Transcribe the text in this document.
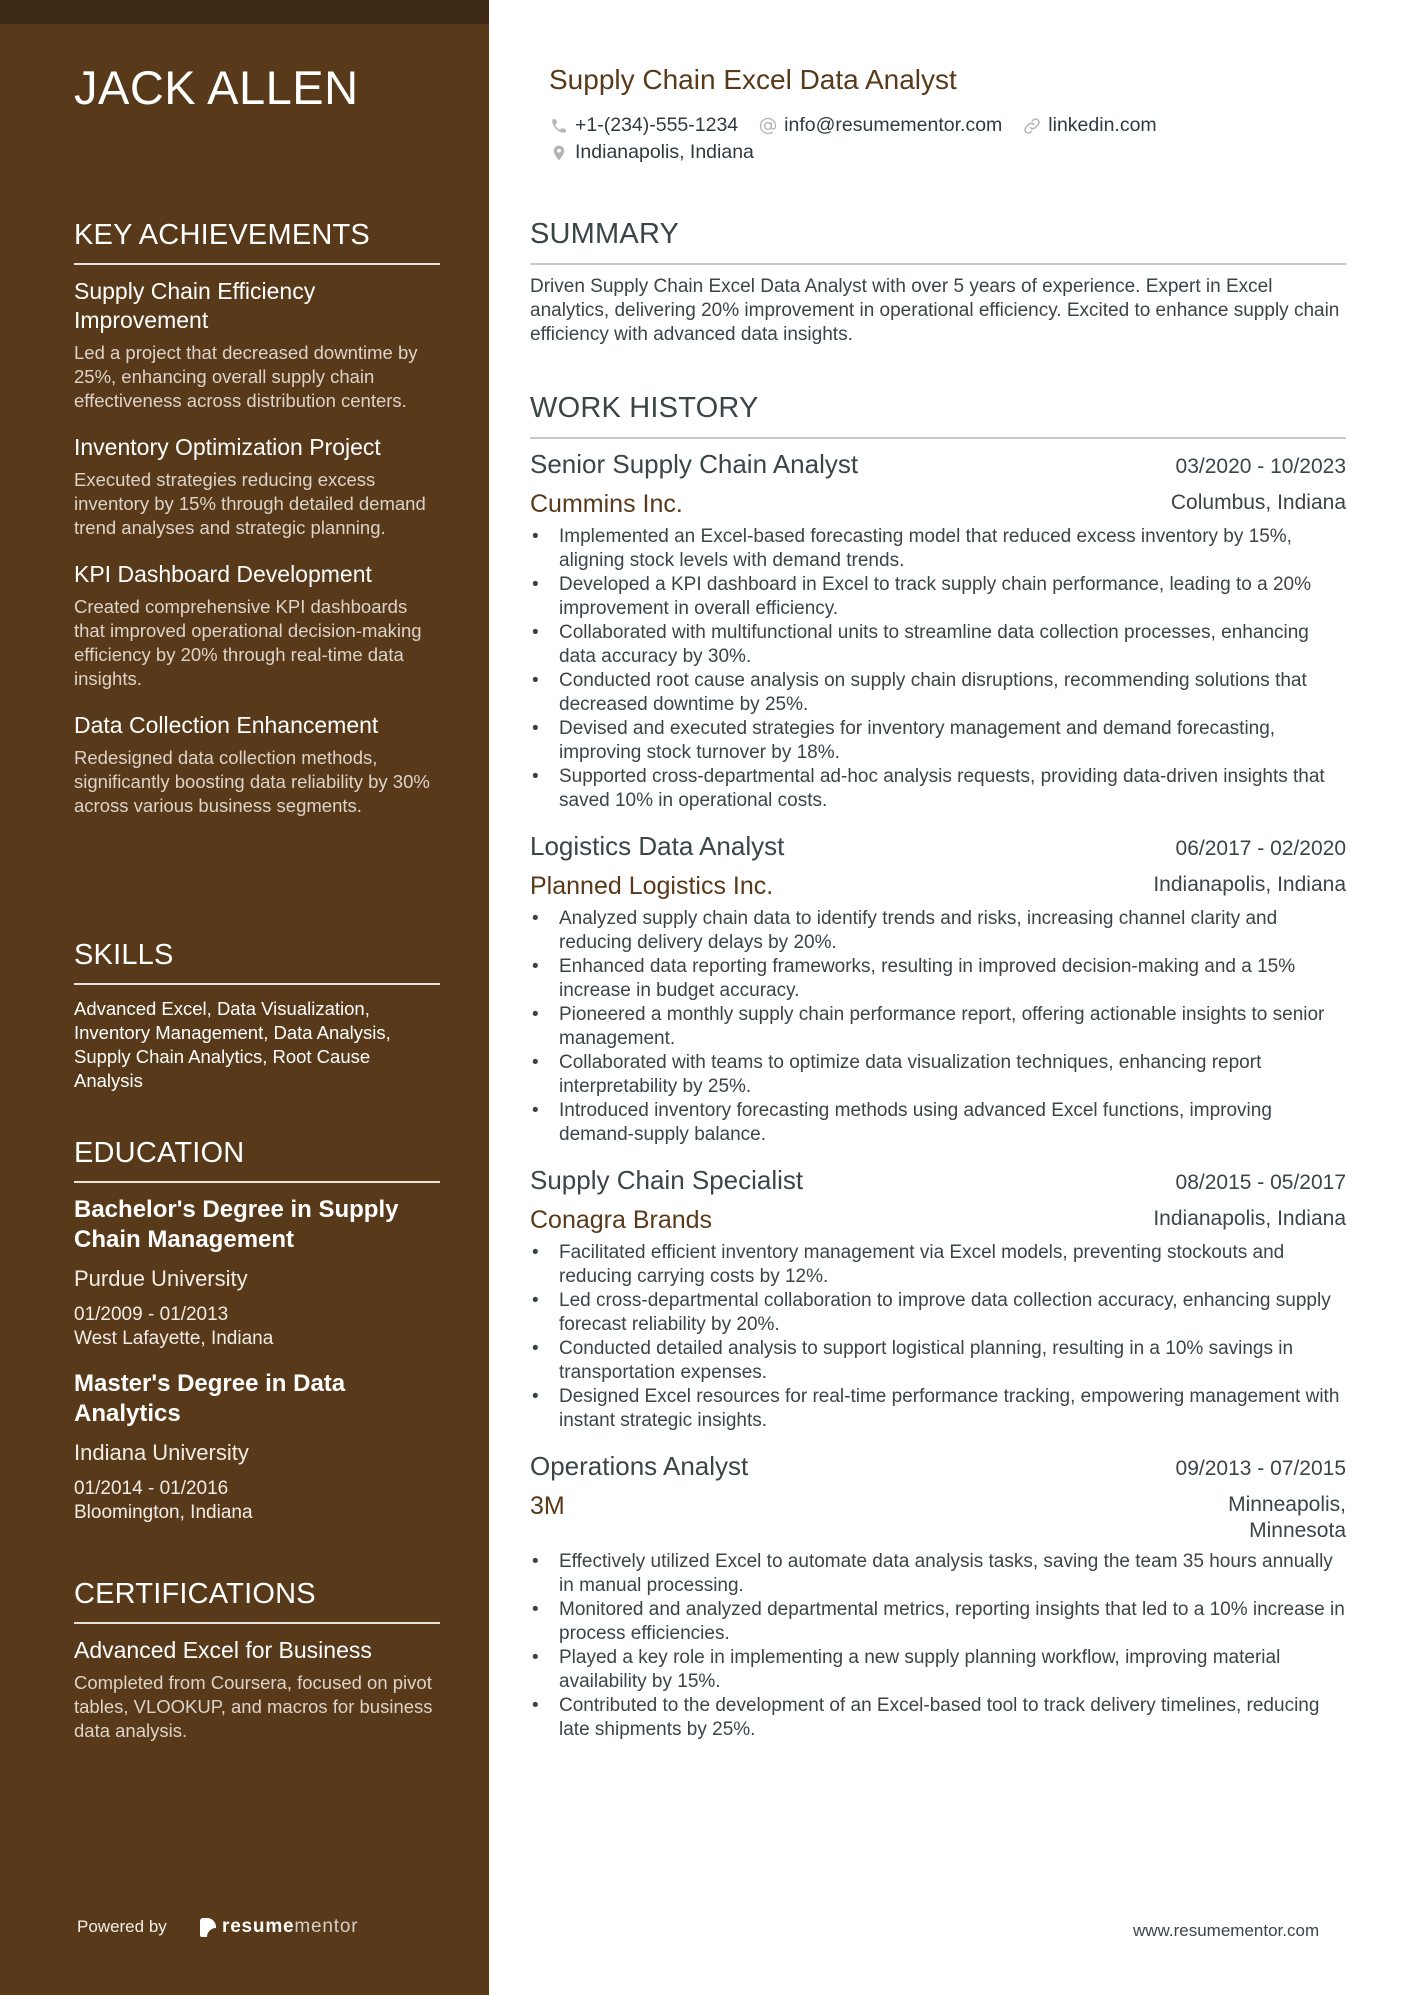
JACK ALLEN
KEY ACHIEVEMENTS
Supply Chain Efficiency Improvement
Led a project that decreased downtime by 25%, enhancing overall supply chain effectiveness across distribution centers.
Inventory Optimization Project
Executed strategies reducing excess inventory by 15% through detailed demand trend analyses and strategic planning.
KPI Dashboard Development
Created comprehensive KPI dashboards that improved operational decision-making efficiency by 20% through real-time data insights.
Data Collection Enhancement
Redesigned data collection methods, significantly boosting data reliability by 30% across various business segments.
SKILLS
Advanced Excel, Data Visualization, Inventory Management, Data Analysis, Supply Chain Analytics, Root Cause Analysis
EDUCATION
Bachelor's Degree in Supply Chain Management
Purdue University
01/2009 - 01/2013
West Lafayette, Indiana
Master's Degree in Data Analytics
Indiana University
01/2014 - 01/2016
Bloomington, Indiana
CERTIFICATIONS
Advanced Excel for Business
Completed from Coursera, focused on pivot tables, VLOOKUP, and macros for business data analysis.
Powered by	resumementor
Supply Chain Excel Data Analyst
+1-(234)-555-1234 info@resumementor.com linkedin.com
Indianapolis, Indiana
SUMMARY
Driven Supply Chain Excel Data Analyst with over 5 years of experience. Expert in Excel analytics, delivering 20% improvement in operational efficiency. Excited to enhance supply chain efficiency with advanced data insights.
WORK HISTORY
Senior Supply Chain Analyst	03/2020 - 10/2023
Cummins Inc.	Columbus, Indiana
• Implemented an Excel-based forecasting model that reduced excess inventory by 15%, aligning stock levels with demand trends.
• Developed a KPI dashboard in Excel to track supply chain performance, leading to a 20% improvement in overall efficiency.
• Collaborated with multifunctional units to streamline data collection processes, enhancing data accuracy by 30%.
• Conducted root cause analysis on supply chain disruptions, recommending solutions that decreased downtime by 25%.
• Devised and executed strategies for inventory management and demand forecasting, improving stock turnover by 18%.
• Supported cross-departmental ad-hoc analysis requests, providing data-driven insights that saved 10% in operational costs.
Logistics Data Analyst	06/2017 - 02/2020
Planned Logistics Inc.	Indianapolis, Indiana
• Analyzed supply chain data to identify trends and risks, increasing channel clarity and reducing delivery delays by 20%.
• Enhanced data reporting frameworks, resulting in improved decision-making and a 15% increase in budget accuracy.
• Pioneered a monthly supply chain performance report, offering actionable insights to senior management.
• Collaborated with teams to optimize data visualization techniques, enhancing report interpretability by 25%.
• Introduced inventory forecasting methods using advanced Excel functions, improving demand-supply balance.
Supply Chain Specialist	08/2015 - 05/2017
Conagra Brands	Indianapolis, Indiana
• Facilitated efficient inventory management via Excel models, preventing stockouts and reducing carrying costs by 12%.
• Led cross-departmental collaboration to improve data collection accuracy, enhancing supply forecast reliability by 20%.
• Conducted detailed analysis to support logistical planning, resulting in a 10% savings in transportation expenses.
• Designed Excel resources for real-time performance tracking, empowering management with instant strategic insights.
Operations Analyst	09/2013 - 07/2015
3M	Minneapolis, Minnesota
• Effectively utilized Excel to automate data analysis tasks, saving the team 35 hours annually in manual processing.
• Monitored and analyzed departmental metrics, reporting insights that led to a 10% increase in process efficiencies.
• Played a key role in implementing a new supply planning workflow, improving material availability by 15%.
• Contributed to the development of an Excel-based tool to track delivery timelines, reducing late shipments by 25%.
www.resumementor.com
